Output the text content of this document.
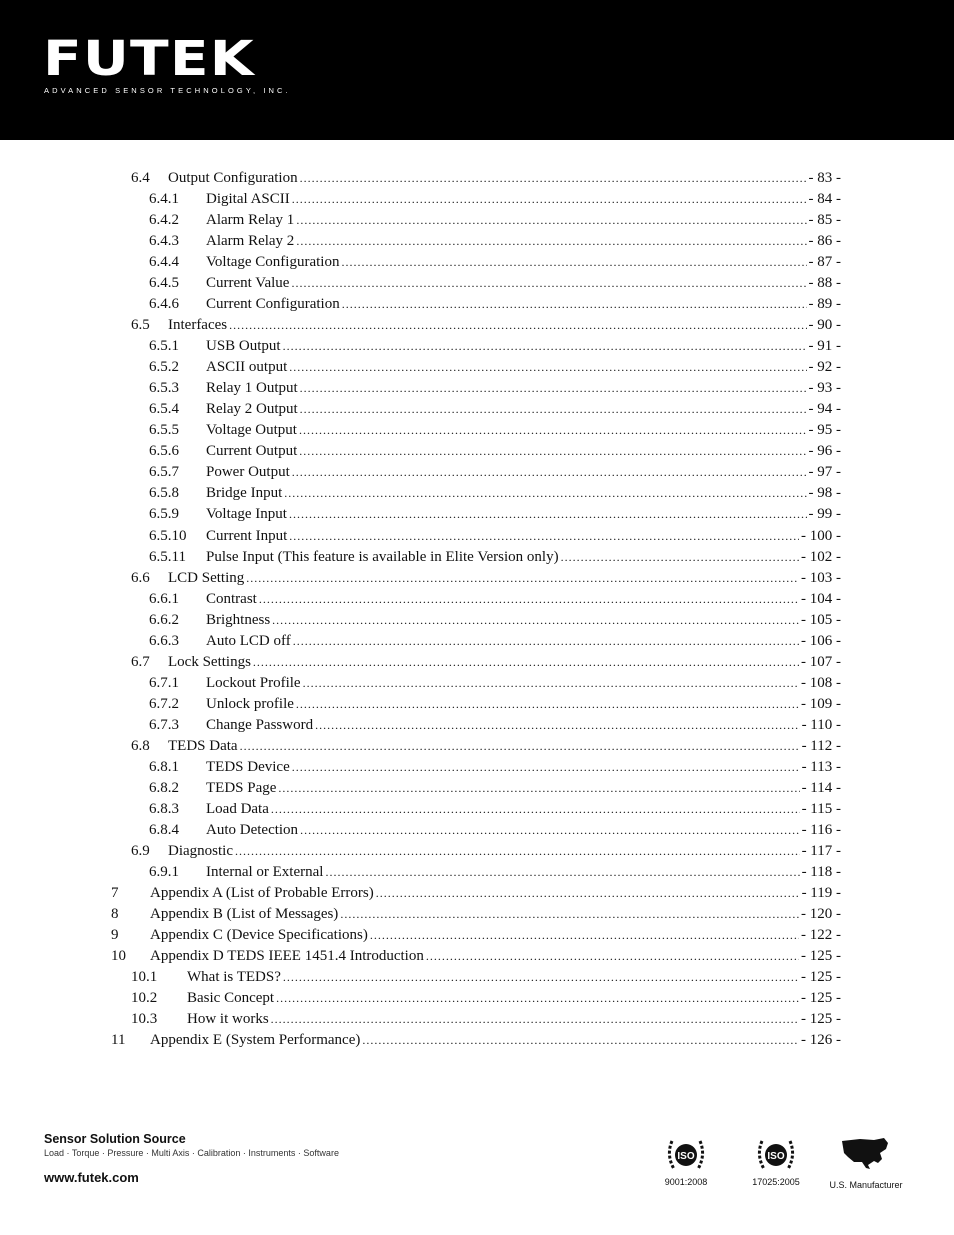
FUTEK
ADVANCED SENSOR TECHNOLOGY, INC.
6.4 Output Configuration .....	- 83 -
6.4.1 Digital ASCII .....	- 84 -
6.4.2 Alarm Relay 1 .....	- 85 -
6.4.3 Alarm Relay 2 .....	- 86 -
6.4.4 Voltage Configuration .....	- 87 -
6.4.5 Current Value .....	- 88 -
6.4.6 Current Configuration .....	- 89 -
6.5 Interfaces .....	- 90 -
6.5.1 USB Output .....	- 91 -
6.5.2 ASCII output .....	- 92 -
6.5.3 Relay 1 Output .....	- 93 -
6.5.4 Relay 2 Output .....	- 94 -
6.5.5 Voltage Output .....	- 95 -
6.5.6 Current Output .....	- 96 -
6.5.7 Power Output .....	- 97 -
6.5.8 Bridge Input .....	- 98 -
6.5.9 Voltage Input .....	- 99 -
6.5.10 Current Input .....	- 100 -
6.5.11 Pulse Input (This feature is available in Elite Version only) .....	- 102 -
6.6 LCD Setting .....	- 103 -
6.6.1 Contrast .....	- 104 -
6.6.2 Brightness .....	- 105 -
6.6.3 Auto LCD off .....	- 106 -
6.7 Lock Settings .....	- 107 -
6.7.1 Lockout Profile .....	- 108 -
6.7.2 Unlock profile .....	- 109 -
6.7.3 Change Password .....	- 110 -
6.8 TEDS Data .....	- 112 -
6.8.1 TEDS Device .....	- 113 -
6.8.2 TEDS Page .....	- 114 -
6.8.3 Load Data .....	- 115 -
6.8.4 Auto Detection .....	- 116 -
6.9 Diagnostic .....	- 117 -
6.9.1 Internal or External .....	- 118 -
7 Appendix A (List of Probable Errors) .....	- 119 -
8 Appendix B (List of Messages) .....	- 120 -
9 Appendix C (Device Specifications) .....	- 122 -
10 Appendix D TEDS IEEE 1451.4 Introduction .....	- 125 -
10.1 What is TEDS? .....	- 125 -
10.2 Basic Concept .....	- 125 -
10.3 How it works .....	- 125 -
11 Appendix E (System Performance) .....	- 126 -
Sensor Solution Source
Load · Torque · Pressure · Multi Axis · Calibration · Instruments · Software
www.futek.com
ISO
9001:2008
ISO
17025:2005	U.S. Manufacturer
